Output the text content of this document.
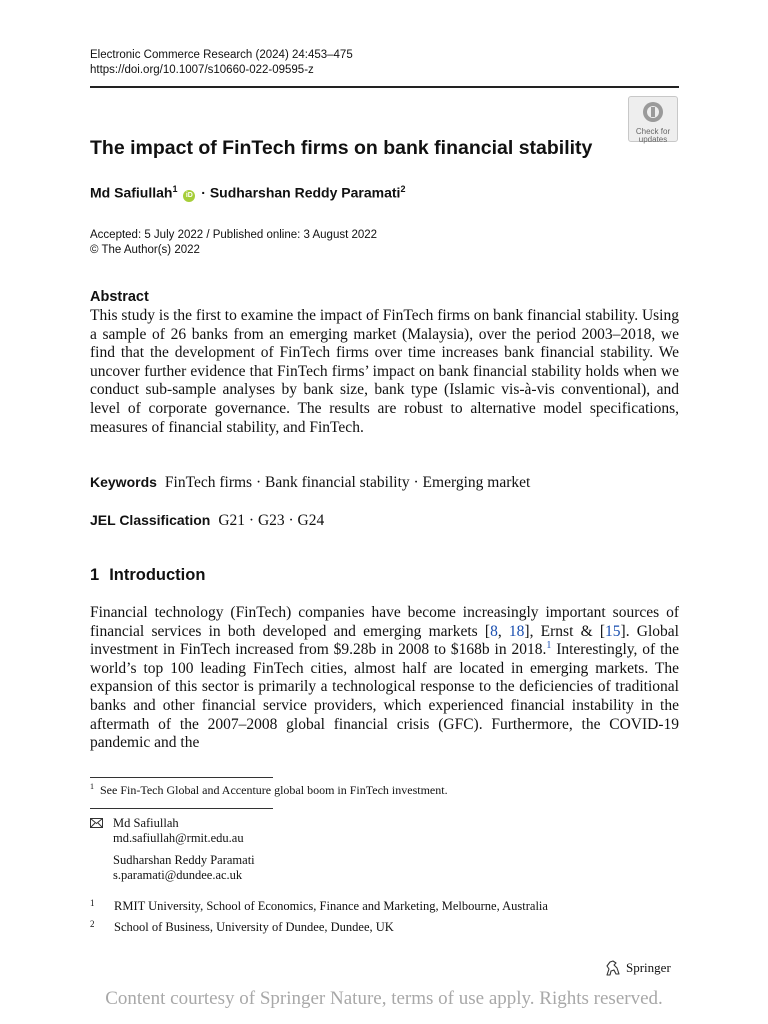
Electronic Commerce Research (2024) 24:453–475
https://doi.org/10.1007/s10660-022-09595-z
Check for
updates
The impact of FinTech firms on bank financial stability
Md Safiullah$^1$ iD · Sudharshan Reddy Paramati$^2$
Accepted: 5 July 2022 / Published online: 3 August 2022
© The Author(s) 2022
Abstract
This study is the first to examine the impact of FinTech firms on bank financial stability. Using a sample of 26 banks from an emerging market (Malaysia), over the period 2003–2018, we find that the development of FinTech firms over time increases bank financial stability. We uncover further evidence that FinTech firms’ impact on bank financial stability holds when we conduct sub-sample analyses by bank size, bank type (Islamic vis-à-vis conventional), and level of corporate governance. The results are robust to alternative model specifications, measures of financial stability, and FinTech.
Keywords FinTech firms · Bank financial stability · Emerging market
JEL Classification G21 · G23 · G24
1 Introduction
Financial technology (FinTech) companies have become increasingly important sources of financial services in both developed and emerging markets [8, 18], Ernst & [15]. Global investment in FinTech increased from $9.28b in 2008 to $168b in 2018.$^1$ Interestingly, of the world’s top 100 leading FinTech cities, almost half are located in emerging markets. The expansion of this sector is primarily a technological response to the deficiencies of traditional banks and other financial service providers, which experienced financial instability in the aftermath of the 2007–2008 global financial crisis (GFC). Furthermore, the COVID-19 pandemic and the
$^1$ See Fin-Tech Global and Accenture global boom in FinTech investment.
Md Safiullah
md.safiullah@rmit.edu.au
Sudharshan Reddy Paramati
s.paramati@dundee.ac.uk
1 RMIT University, School of Economics, Finance and Marketing, Melbourne, Australia
2 School of Business, University of Dundee, Dundee, UK
Springer
Content courtesy of Springer Nature, terms of use apply. Rights reserved.
